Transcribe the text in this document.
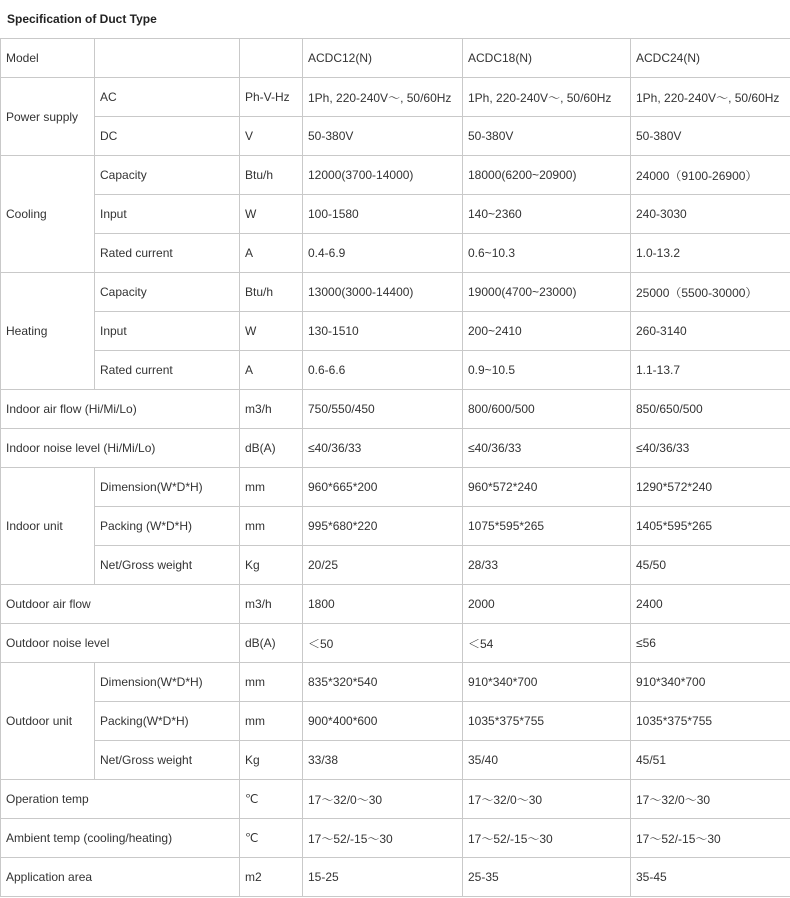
Specification of Duct Type
Model			ACDC12(N)	ACDC18(N)	ACDC24(N)
Power supply	AC	Ph-V-Hz	1Ph, 220-240V～, 50/60Hz	1Ph, 220-240V～, 50/60Hz	1Ph, 220-240V～, 50/60Hz
	DC	V	50-380V	50-380V	50-380V
Cooling	Capacity	Btu/h	12000(3700-14000)	18000(6200~20900)	24000（9100-26900）
	Input	W	100-1580	140~2360	240-3030
	Rated current	A	0.4-6.9	0.6~10.3	1.0-13.2
Heating	Capacity	Btu/h	13000(3000-14400)	19000(4700~23000)	25000（5500-30000）
	Input	W	130-1510	200~2410	260-3140
	Rated current	A	0.6-6.6	0.9~10.5	1.1-13.7
Indoor air flow (Hi/Mi/Lo)		m3/h	750/550/450	800/600/500	850/650/500
Indoor noise level (Hi/Mi/Lo)		dB(A)	≤40/36/33	≤40/36/33	≤40/36/33
Indoor unit	Dimension(W*D*H)	mm	960*665*200	960*572*240	1290*572*240
	Packing (W*D*H)	mm	995*680*220	1075*595*265	1405*595*265
	Net/Gross weight	Kg	20/25	28/33	45/50
Outdoor air flow		m3/h	1800	2000	2400
Outdoor noise level		dB(A)	＜50	＜54	≤56
Outdoor unit	Dimension(W*D*H)	mm	835*320*540	910*340*700	910*340*700
	Packing(W*D*H)	mm	900*400*600	1035*375*755	1035*375*755
	Net/Gross weight	Kg	33/38	35/40	45/51
Operation temp		℃	17～32/0～30	17～32/0～30	17～32/0～30
Ambient temp (cooling/heating)		℃	17～52/-15～30	17～52/-15～30	17～52/-15～30
Application area		m2	15-25	25-35	35-45
